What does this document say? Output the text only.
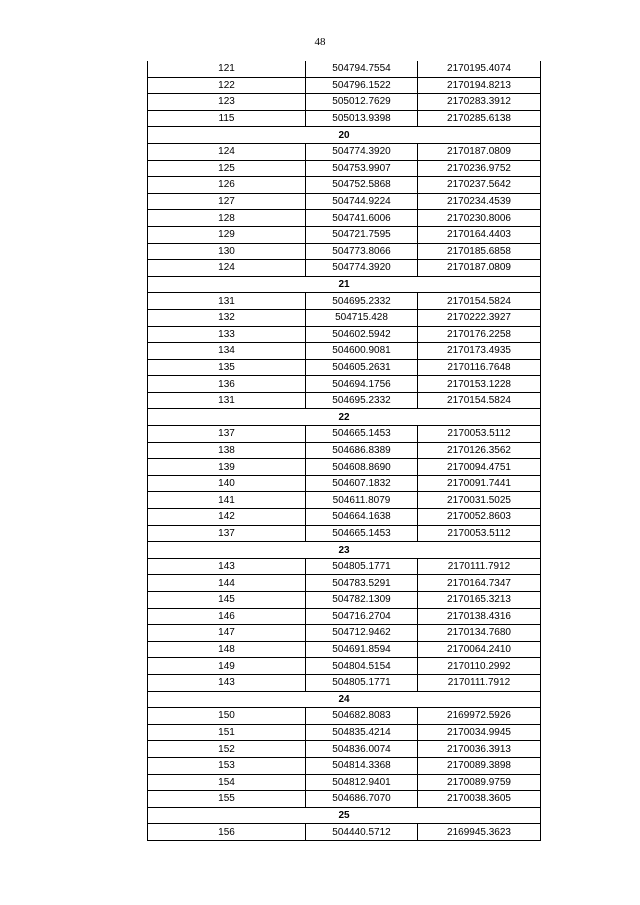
48
121	504794.7554	2170195.4074
122	504796.1522	2170194.8213
123	505012.7629	2170283.3912
115	505013.9398	2170285.6138
20		
124	504774.3920	2170187.0809
125	504753.9907	2170236.9752
126	504752.5868	2170237.5642
127	504744.9224	2170234.4539
128	504741.6006	2170230.8006
129	504721.7595	2170164.4403
130	504773.8066	2170185.6858
124	504774.3920	2170187.0809
21		
131	504695.2332	2170154.5824
132	504715.428	2170222.3927
133	504602.5942	2170176.2258
134	504600.9081	2170173.4935
135	504605.2631	2170116.7648
136	504694.1756	2170153.1228
131	504695.2332	2170154.5824
22		
137	504665.1453	2170053.5112
138	504686.8389	2170126.3562
139	504608.8690	2170094.4751
140	504607.1832	2170091.7441
141	504611.8079	2170031.5025
142	504664.1638	2170052.8603
137	504665.1453	2170053.5112
23		
143	504805.1771	2170111.7912
144	504783.5291	2170164.7347
145	504782.1309	2170165.3213
146	504716.2704	2170138.4316
147	504712.9462	2170134.7680
148	504691.8594	2170064.2410
149	504804.5154	2170110.2992
143	504805.1771	2170111.7912
24		
150	504682.8083	2169972.5926
151	504835.4214	2170034.9945
152	504836.0074	2170036.3913
153	504814.3368	2170089.3898
154	504812.9401	2170089.9759
155	504686.7070	2170038.3605
25		
156	504440.5712	2169945.3623
